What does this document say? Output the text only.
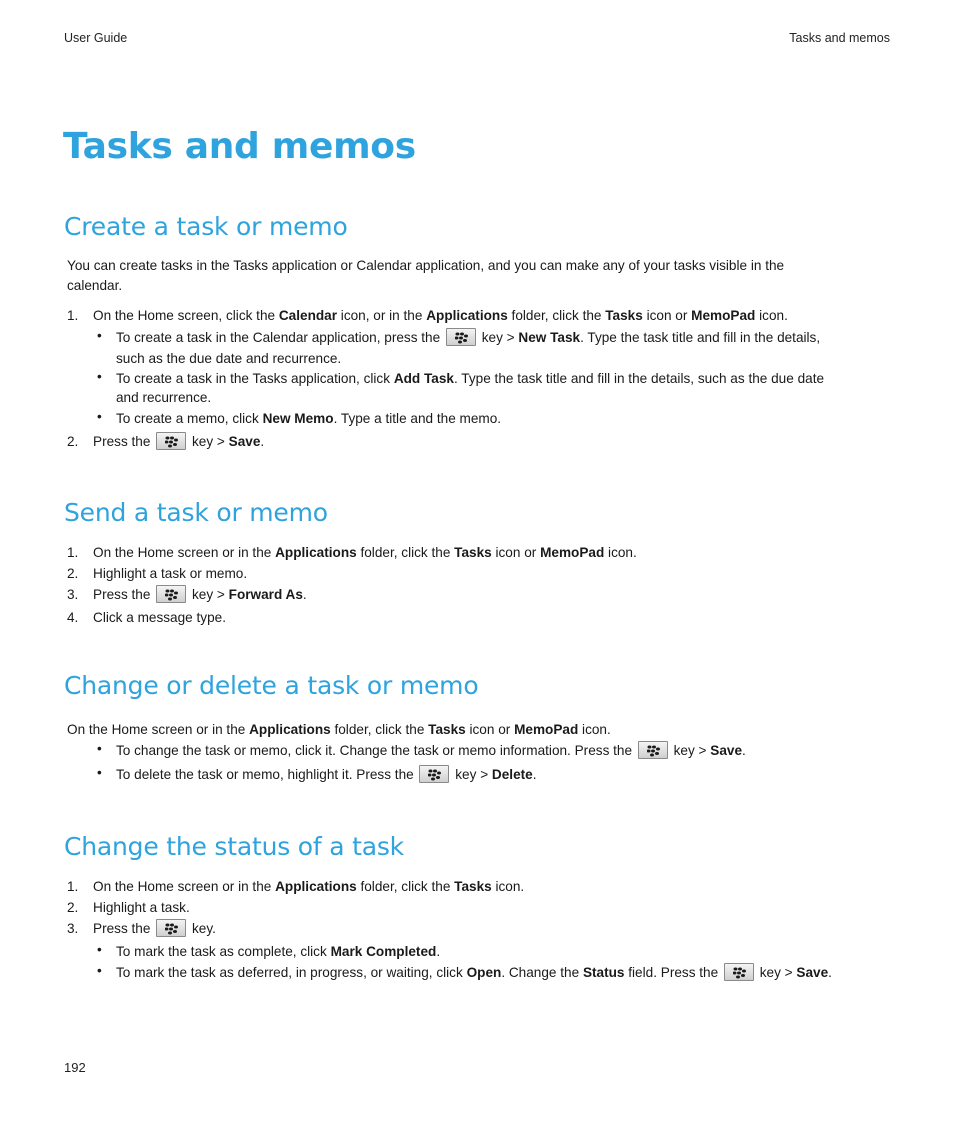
User Guide	Tasks and memos
Tasks and memos
Create a task or memo

You can create tasks in the Tasks application or Calendar application, and you can make any of your tasks visible in the

calendar.

1. On the Home screen, click the Calendar icon, or in the Applications folder, click the Tasks icon or MemoPad icon.
• To create a task in the Calendar application, press the	key > New Task. Type the task title and fill in the details,
such as the due date and recurrence.
• To create a task in the Tasks application, click Add Task. Type the task title and fill in the details, such as the due date
and recurrence.
• To create a memo, click New Memo. Type a title and the memo.
2. Press the	key > Save.
Send a task or memo
1. On the Home screen or in the Applications folder, click the Tasks icon or MemoPad icon.
2. Highlight a task or memo.
3. Press the	key > Forward As.
4. Click a message type.
Change or delete a task or memo

On the Home screen or in the Applications folder, click the Tasks icon or MemoPad icon.

• To change the task or memo, click it. Change the task or memo information. Press the	key > Save.
• To delete the task or memo, highlight it. Press the	key > Delete.
Change the status of a task
1. On the Home screen or in the Applications folder, click the Tasks icon.
2. Highlight a task.
3. Press the	key.
• To mark the task as complete, click Mark Completed.
• To mark the task as deferred, in progress, or waiting, click Open. Change the Status field. Press the	key > Save.
192
